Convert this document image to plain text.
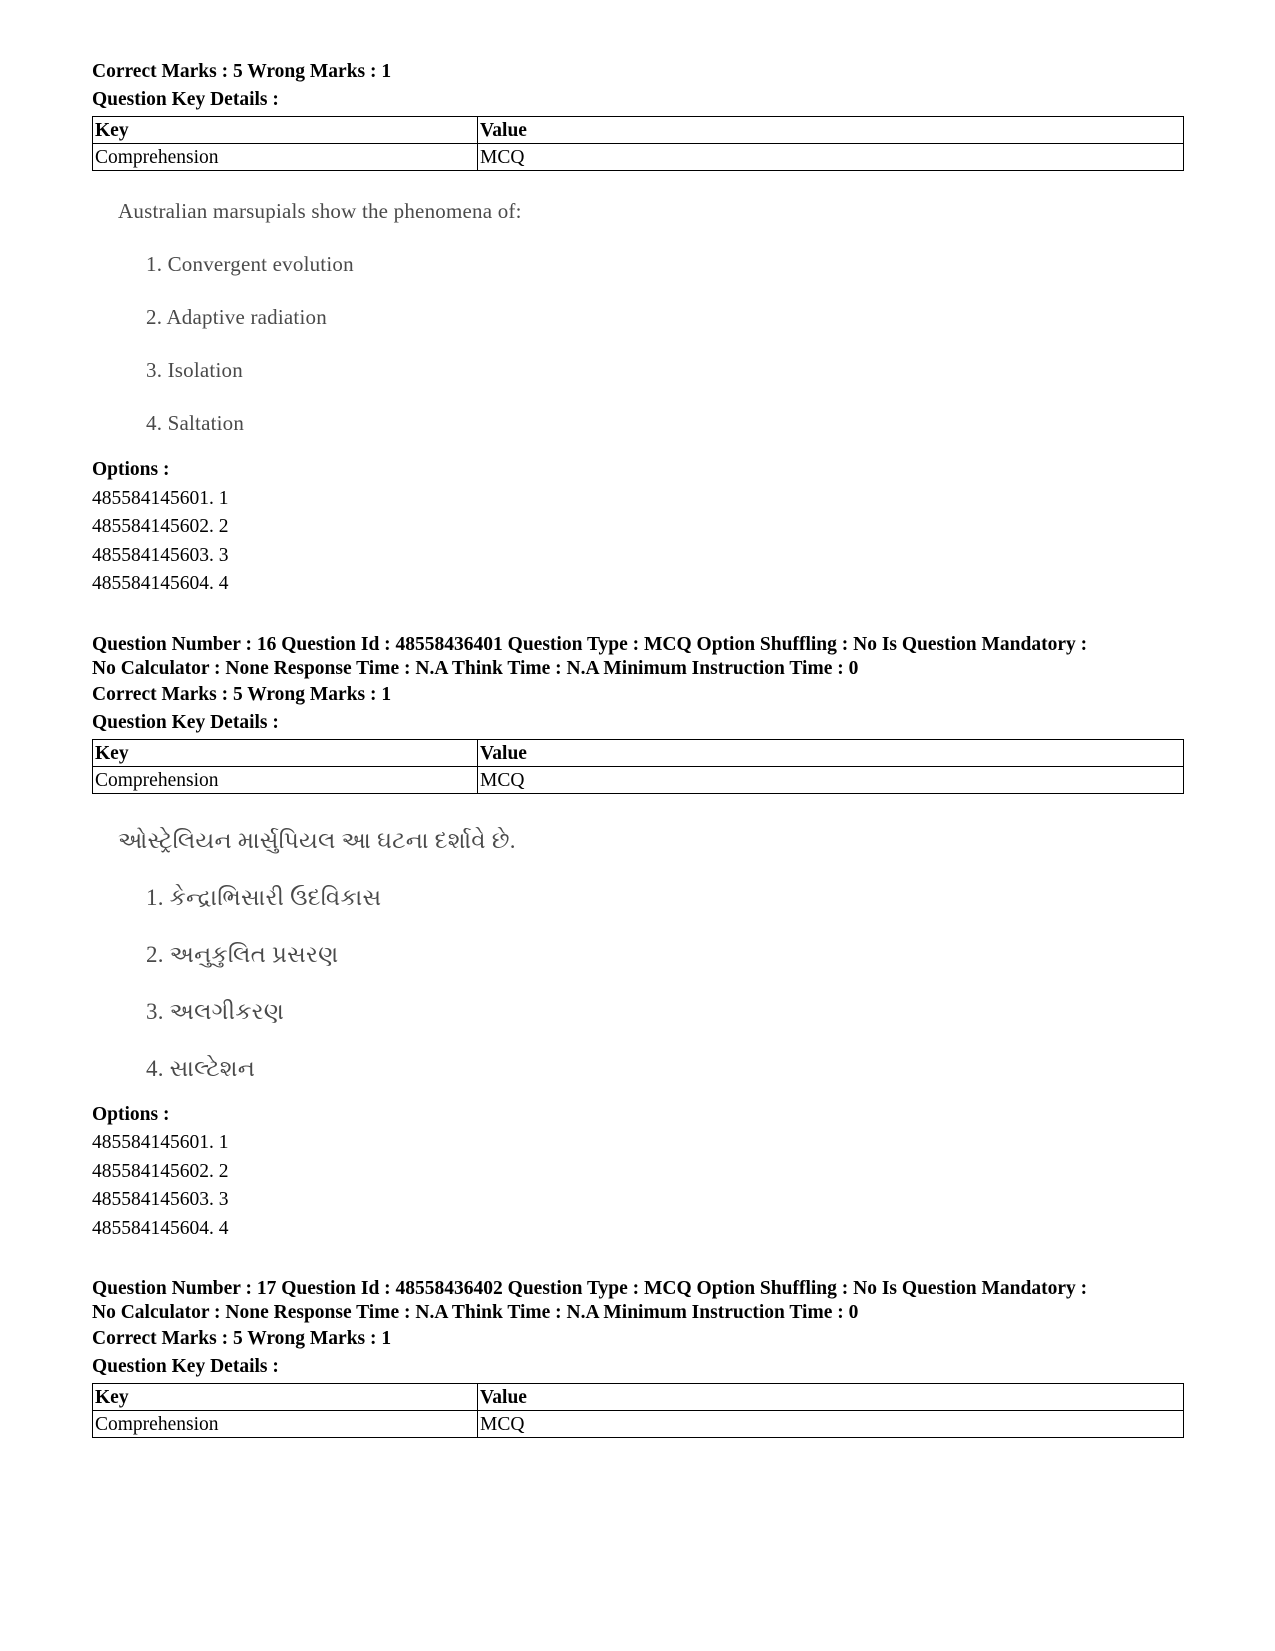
Correct Marks : 5 Wrong Marks : 1
Question Key Details :
Key	Value
Comprehension	MCQ
Australian marsupials show the phenomena of:
1. Convergent evolution
2. Adaptive radiation
3. Isolation
4. Saltation
Options :
485584145601. 1
485584145602. 2
485584145603. 3
485584145604. 4
Question Number : 16 Question Id : 48558436401 Question Type : MCQ Option Shuffling : No Is Question Mandatory :
No Calculator : None Response Time : N.A Think Time : N.A Minimum Instruction Time : 0
Correct Marks : 5 Wrong Marks : 1
Question Key Details :
Key	Value
Comprehension	MCQ
ઓસ્ટ્રેલિયન માર્સુપિયલ આ ઘટના દર્શાવે છે.
1. કેન્દ્રાભિસારી ઉદવિકાસ
2. અનુકુલિત પ્રસરણ
3. અલગીકરણ
4. સાલ્ટેશન
Options :
485584145601. 1
485584145602. 2
485584145603. 3
485584145604. 4
Question Number : 17 Question Id : 48558436402 Question Type : MCQ Option Shuffling : No Is Question Mandatory :
No Calculator : None Response Time : N.A Think Time : N.A Minimum Instruction Time : 0
Correct Marks : 5 Wrong Marks : 1
Question Key Details :
Key	Value
Comprehension	MCQ
